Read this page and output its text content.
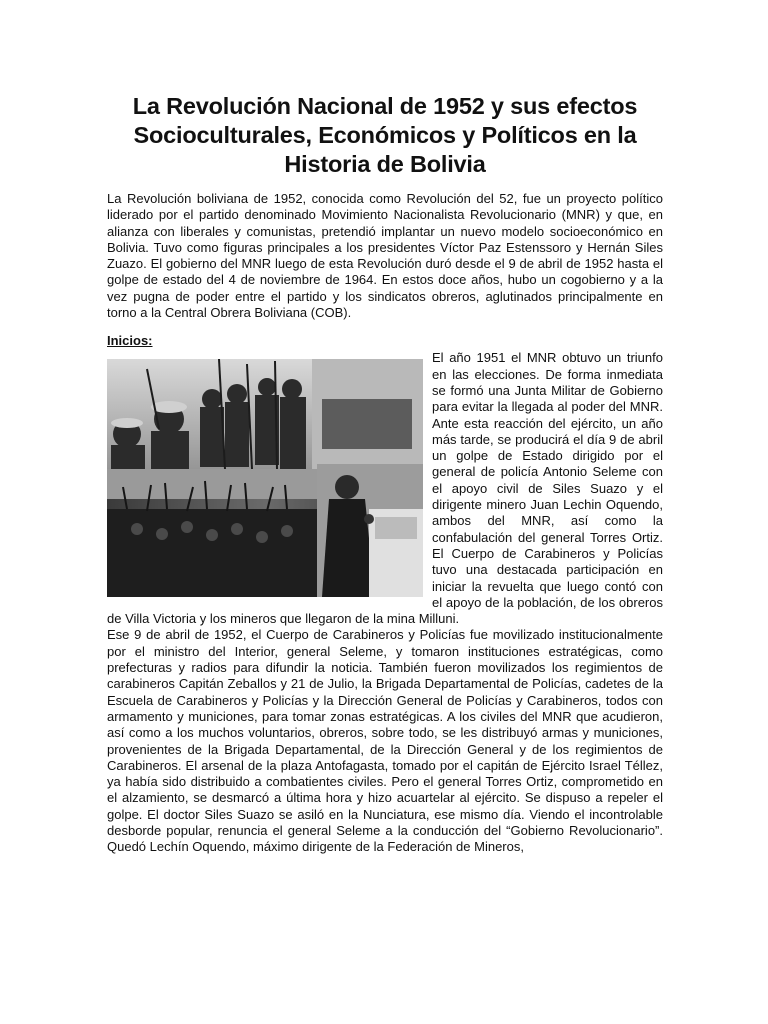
La Revolución Nacional de 1952 y sus efectos Socioculturales, Económicos y Políticos en la Historia de Bolivia

La Revolución boliviana de 1952, conocida como Revolución del 52, fue un proyecto político liderado por el partido denominado Movimiento Nacionalista Revolucionario (MNR) y que, en alianza con liberales y comunistas, pretendió implantar un nuevo modelo socioeconómico en Bolivia. Tuvo como figuras principales a los presidentes Víctor Paz Estenssoro y Hernán Siles Zuazo. El gobierno del MNR luego de esta Revolución duró desde el 9 de abril de 1952 hasta el golpe de estado del 4 de noviembre de 1964. En estos doce años, hubo un cogobierno y a la vez pugna de poder entre el partido y los sindicatos obreros, aglutinados principalmente en torno a la Central Obrera Boliviana (COB).

Inicios:

El año 1951 el MNR obtuvo un triunfo en las elecciones. De forma inmediata se formó una Junta Militar de Gobierno para evitar la llegada al poder del MNR. Ante esta reacción del ejército, un año más tarde, se producirá el día 9 de abril un golpe de Estado dirigido por el general de policía Antonio Seleme con el apoyo civil de Siles Suazo y el dirigente minero Juan Lechin Oquendo, ambos del MNR, así como la confabulación del general Torres Ortiz. El Cuerpo de Carabineros y Policías tuvo una destacada participación en iniciar la revuelta que luego contó con el apoyo de la población, de los obreros de Villa Victoria y los mineros que llegaron de la mina Milluni.

Ese 9 de abril de 1952, el Cuerpo de Carabineros y Policías fue movilizado institucionalmente por el ministro del Interior, general Seleme, y tomaron instituciones estratégicas, como prefecturas y radios para difundir la noticia. También fueron movilizados los regimientos de carabineros Capitán Zeballos y 21 de Julio, la Brigada Departamental de Policías, cadetes de la Escuela de Carabineros y Policías y la Dirección General de Policías y Carabineros, todos con armamento y municiones, para tomar zonas estratégicas. A los civiles del MNR que acudieron, así como a los muchos voluntarios, obreros, sobre todo, se les distribuyó armas y municiones, provenientes de la Brigada Departamental, de la Dirección General y de los regimientos de Carabineros. El arsenal de la plaza Antofagasta, tomado por el capitán de Ejército Israel Téllez, ya había sido distribuido a combatientes civiles. Pero el general Torres Ortiz, comprometido en el alzamiento, se desmarcó a última hora y hizo acuartelar al ejército. Se dispuso a repeler el golpe. El doctor Siles Suazo se asiló en la Nunciatura, ese mismo día. Viendo el incontrolable desborde popular, renuncia el general Seleme a la conducción del “Gobierno Revolucionario”. Quedó Lechín Oquendo, máximo dirigente de la Federación de Mineros,
